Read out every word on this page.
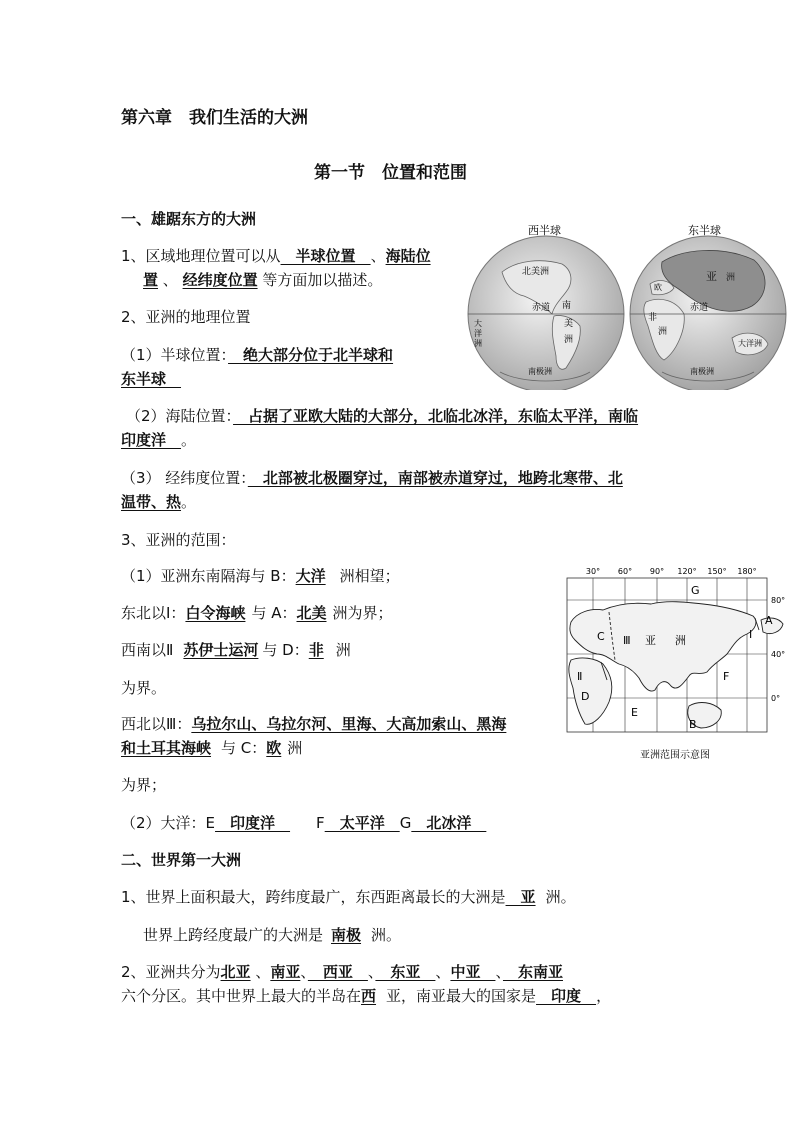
第六章　我们生活的大洲
第一节　位置和范围
一、雄踞东方的大洲
1、区域地理位置可以从　半球位置　、海陆位
置 、 经纬度位置 等方面加以描述。
2、亚洲的地理位置
（1）半球位置：　绝大部分位于北半球和
东半球　
（2）海陆位置：　占据了亚欧大陆的大部分，北临北冰洋，东临太平洋，南临
印度洋　。
（3） 经纬度位置：　北部被北极圈穿过，南部被赤道穿过，地跨北寒带、北
温带、热。
3、亚洲的范围：
（1）亚洲东南隔海与 B：大洋 洲相望；
东北以Ⅰ：白令海峡 与 A：北美 洲为界；
西南以Ⅱ 苏伊士运河 与 D：非 洲
为界。
西北以Ⅲ：乌拉尔山、乌拉尔河、里海、大高加索山、黑海
和土耳其海峡 与 C：欧 洲
为界；
（2）大洋：E　印度洋　F　太平洋　G　北冰洋　
二、世界第一大洲
1、世界上面积最大，跨纬度最广，东西距离最长的大洲是　亚 洲。
世界上跨经度最广的大洲是 南极 洲。
2、亚洲共分为北亚 、南亚、　西亚　、　东亚　、中亚　、　东南亚
六个分区。其中世界上最大的半岛在西 亚，南亚最大的国家是　印度　，
西半球
北美洲
赤道 南
美
洲
大
洋
洲
南极洲
东半球
亚 洲
欧
非
洲
赤道
大洋洲
南极洲
30° 60° 90° 120° 150° 180°
80°
40°
0°
G
A
I
C Ⅲ 亚 洲
F
Ⅱ
D
E
B
亚洲范围示意图
